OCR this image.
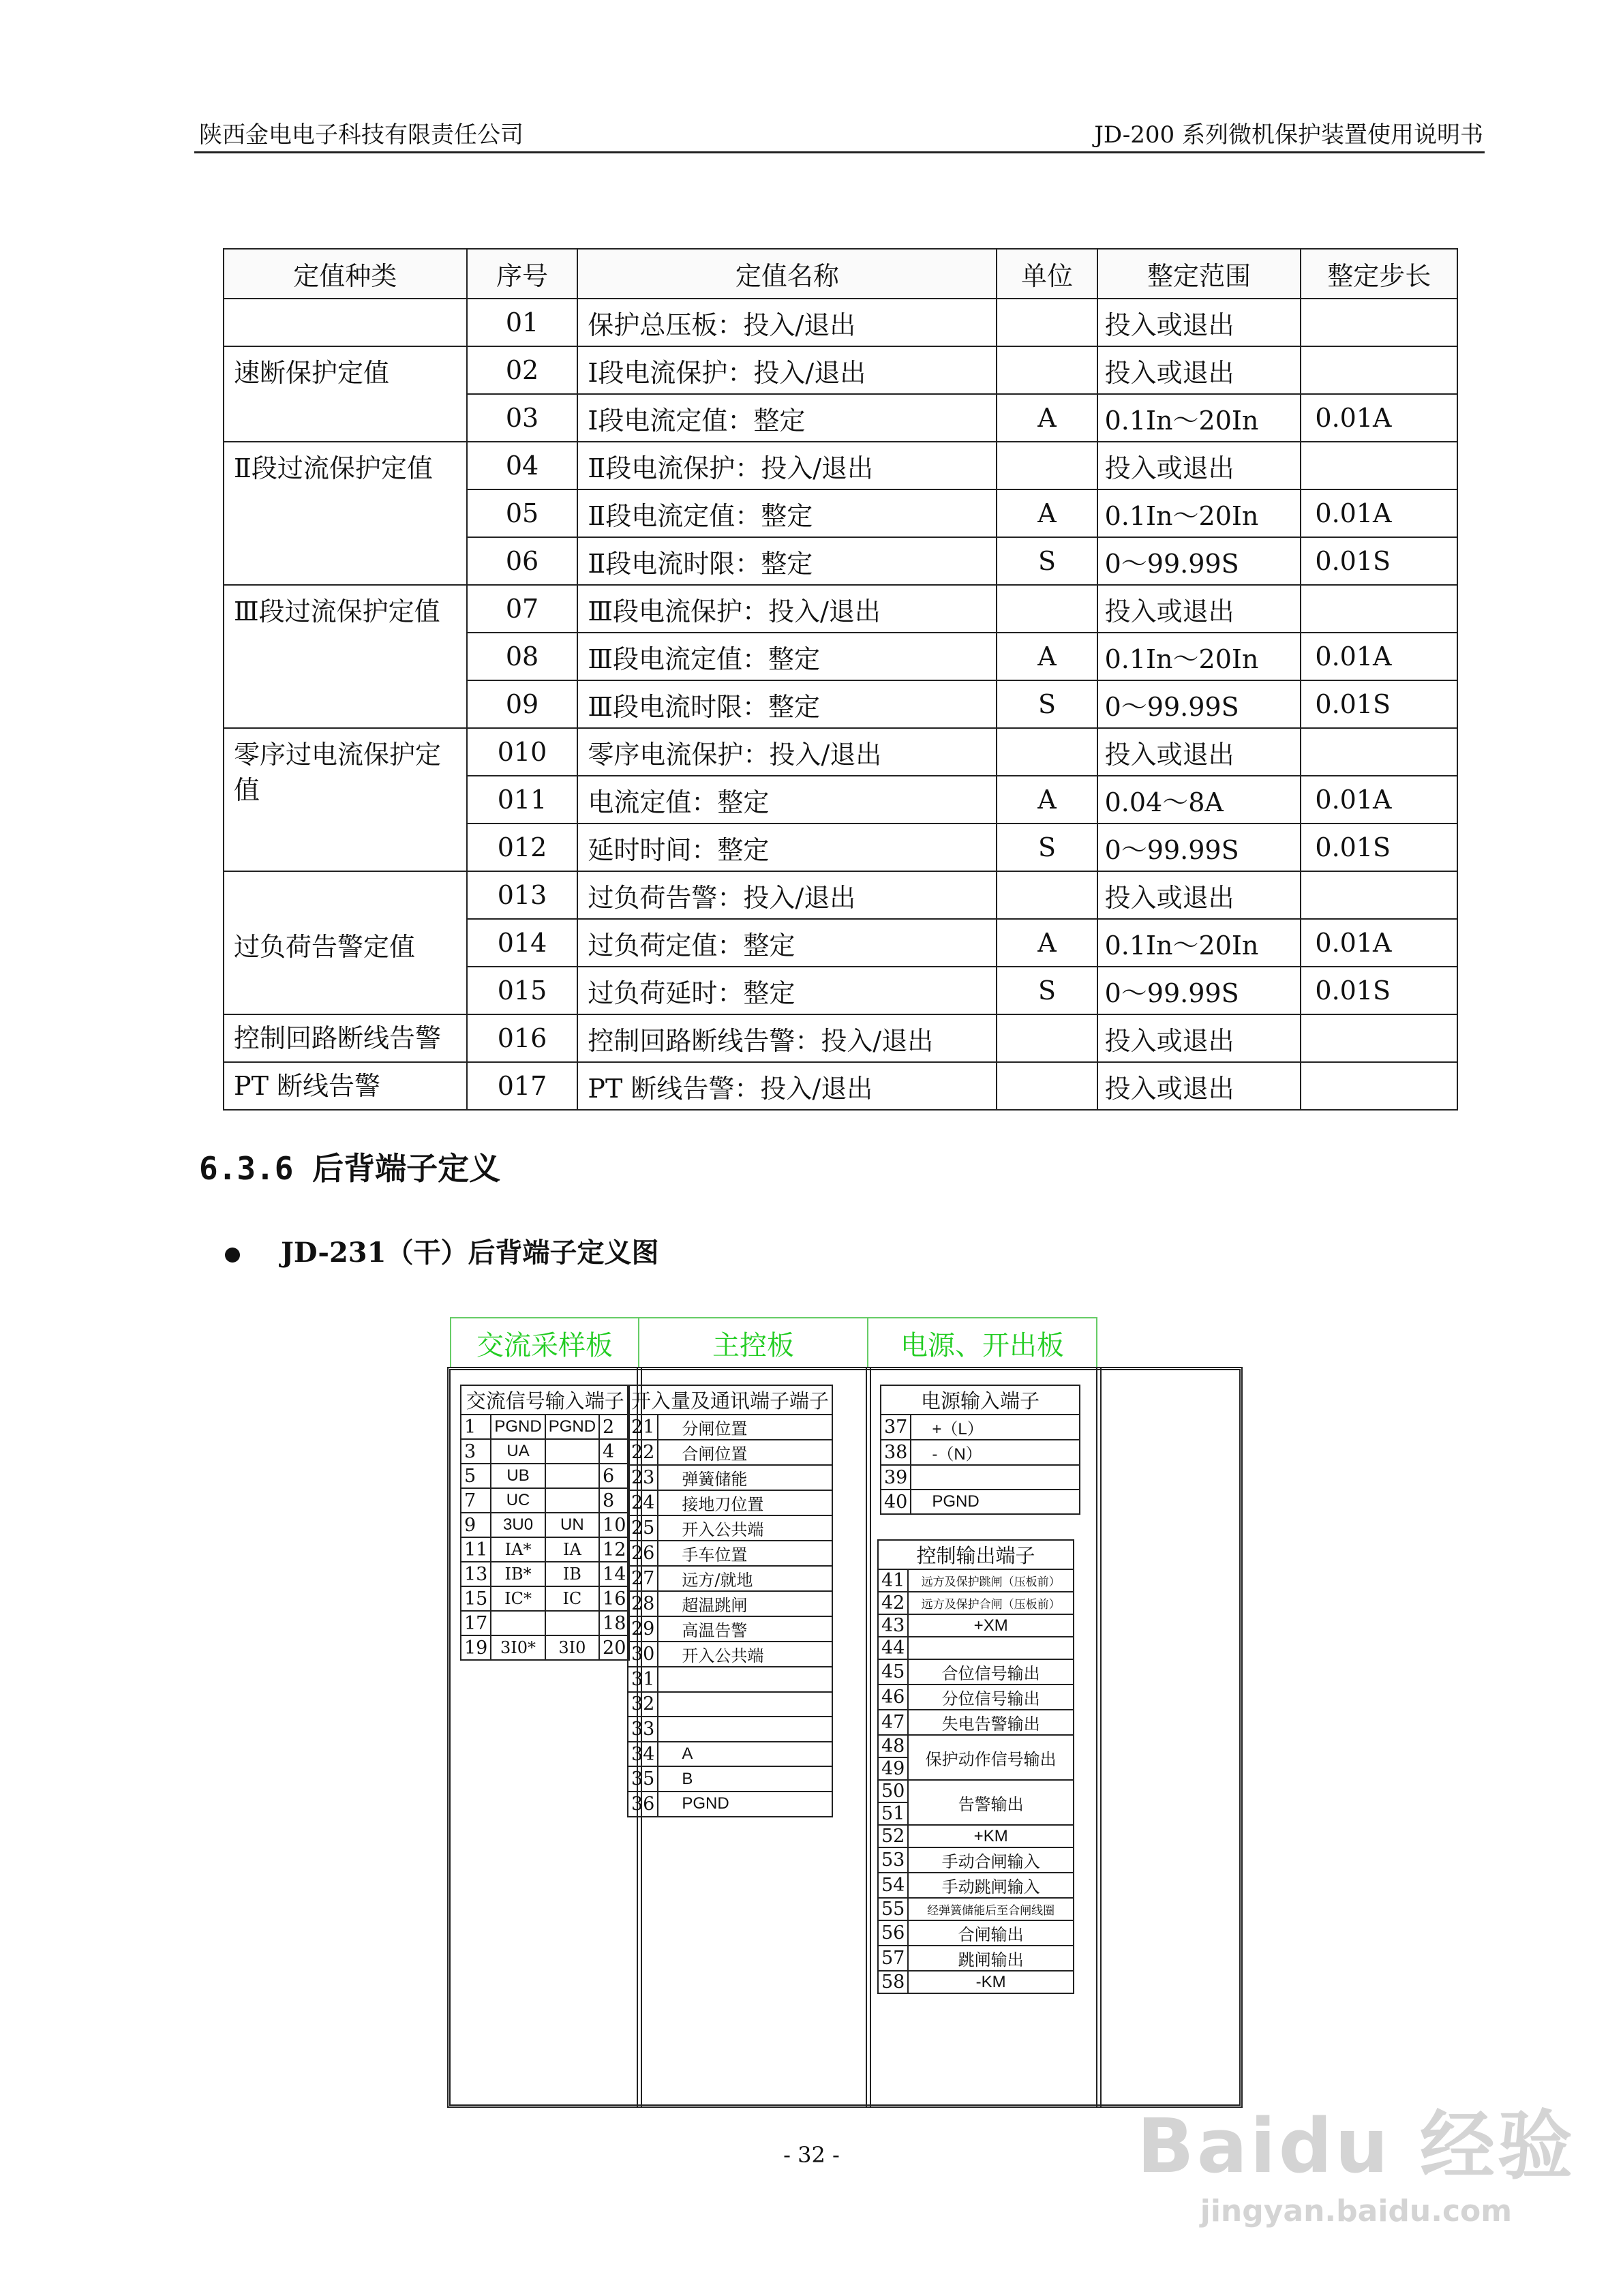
陕西金电电子科技有限责任公司	JD-200 系列微机保护装置使用说明书
定值种类	序号	定值名称	单位	整定范围	整定步长
	01	保护总压板：投入/退出		投入或退出	
速断保护定值	02	Ⅰ段电流保护：投入/退出		投入或退出	
	03	Ⅰ段电流定值：整定	A	0.1In～20In	0.01A
Ⅱ段过流保护定值	04	Ⅱ段电流保护：投入/退出		投入或退出	
	05	Ⅱ段电流定值：整定	A	0.1In～20In	0.01A
	06	Ⅱ段电流时限：整定	S	0～99.99S	0.01S
Ⅲ段过流保护定值	07	Ⅲ段电流保护：投入/退出		投入或退出	
	08	Ⅲ段电流定值：整定	A	0.1In～20In	0.01A
	09	Ⅲ段电流时限：整定	S	0～99.99S	0.01S
零序过电流保护定值	010	零序电流保护：投入/退出		投入或退出	
	011	电流定值：整定	A	0.04～8A	0.01A
	012	延时时间：整定	S	0～99.99S	0.01S
过负荷告警定值	013	过负荷告警：投入/退出		投入或退出	
	014	过负荷定值：整定	A	0.1In～20In	0.01A
	015	过负荷延时：整定	S	0～99.99S	0.01S
控制回路断线告警	016	控制回路断线告警：投入/退出		投入或退出	
PT 断线告警	017	PT 断线告警：投入/退出		投入或退出	
6.3.6 后背端子定义
JD-231（干）后背端子定义图
交流采样板	主控板	电源、开出板
交流信号输入端子			
1	PGND	PGND	2
3	UA		4
5	UB		6
7	UC		8
9	3U0	UN	10
11	IA*	IA	12
13	IB*	IB	14
15	IC*	IC	16
17			18
19	3I0*	3I0	20
开入量及通讯端子端子	
21	分闸位置
22	合闸位置
23	弹簧储能
24	接地刀位置
25	开入公共端
26	手车位置
27	远方/就地
28	超温跳闸
29	高温告警
30	开入公共端
31	
32	
33	
34	A
35	B
36	PGND
电源输入端子	
37	+（L）
38	-（N）
39	
40	PGND
控制输出端子	
41	远方及保护跳闸（压板前）
42	远方及保护合闸（压板前）
43	+XM
44	
45	合位信号输出
46	分位信号输出
47	失电告警输出
48	保护动作信号输出
49	
50	告警输出
51	
52	+KM
53	手动合闸输入
54	手动跳闸输入
55	经弹簧储能后至合闸线圈
56	合闸输出
57	跳闸输出
58	-KM
- 32 -	Baidu 经验
jingyan.baidu.com
